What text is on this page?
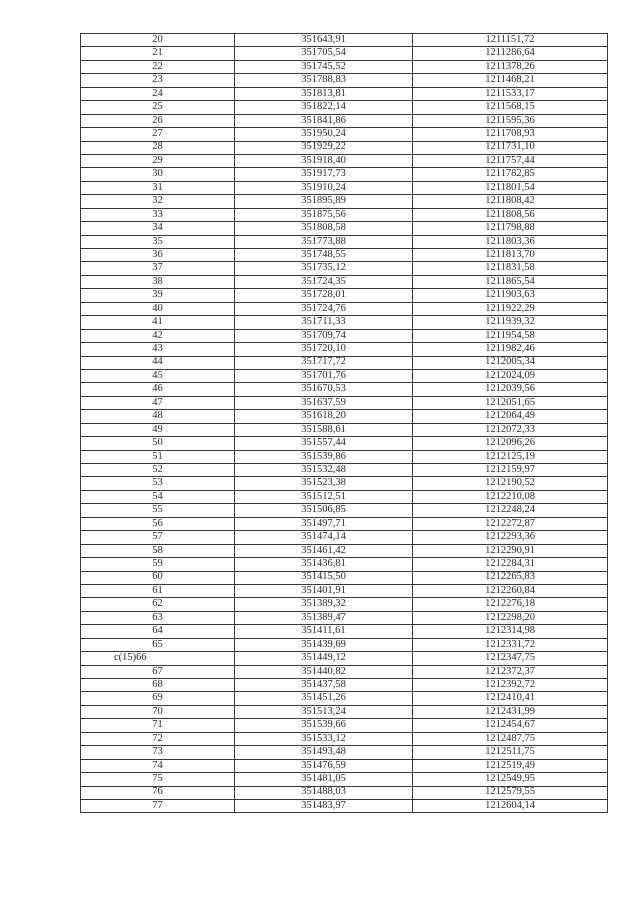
20	351643,91	1211151,72
21	351705,54	1211286,64
22	351745,52	1211378,26
23	351788,83	1211468,21
24	351813,81	1211533,17
25	351822,14	1211568,15
26	351841,86	1211595,36
27	351950,24	1211708,93
28	351929,22	1211731,10
29	351918,40	1211757,44
30	351917,73	1211782,85
31	351910,24	1211801,54
32	351895,89	1211808,42
33	351875,56	1211808,56
34	351808,58	1211798,88
35	351773,88	1211803,36
36	351748,55	1211813,70
37	351735,12	1211831,58
38	351724,35	1211865,54
39	351728,01	1211903,63
40	351724,76	1211922,29
41	351711,33	1211939,32
42	351709,74	1211954,58
43	351720,10	1211982,46
44	351717,72	1212005,34
45	351701,76	1212024,09
46	351670,53	1212039,56
47	351637,59	1212051,65
48	351618,20	1212064,49
49	351588,61	1212072,33
50	351557,44	1212096,26
51	351539,86	1212125,19
52	351532,48	1212159,97
53	351523,38	1212190,52
54	351512,51	1212210,08
55	351506,85	1212248,24
56	351497,71	1212272,87
57	351474,14	1212293,36
58	351461,42	1212290,91
59	351436,81	1212284,31
60	351415,50	1212265,83
61	351401,91	1212260,84
62	351389,32	1212276,18
63	351389,47	1212298,20
64	351411,61	1212314,98
65	351439,69	1212331,72
c(15)66	351449,12	1212347,75
67	351440,82	1212372,37
68	351437,58	1212392,72
69	351451,26	1212410,41
70	351513,24	1212431,99
71	351539,66	1212454,67
72	351533,12	1212487,75
73	351493,48	1212511,75
74	351476,59	1212519,49
75	351481,05	1212549,95
76	351488,03	1212579,55
77	351483,97	1212604,14
